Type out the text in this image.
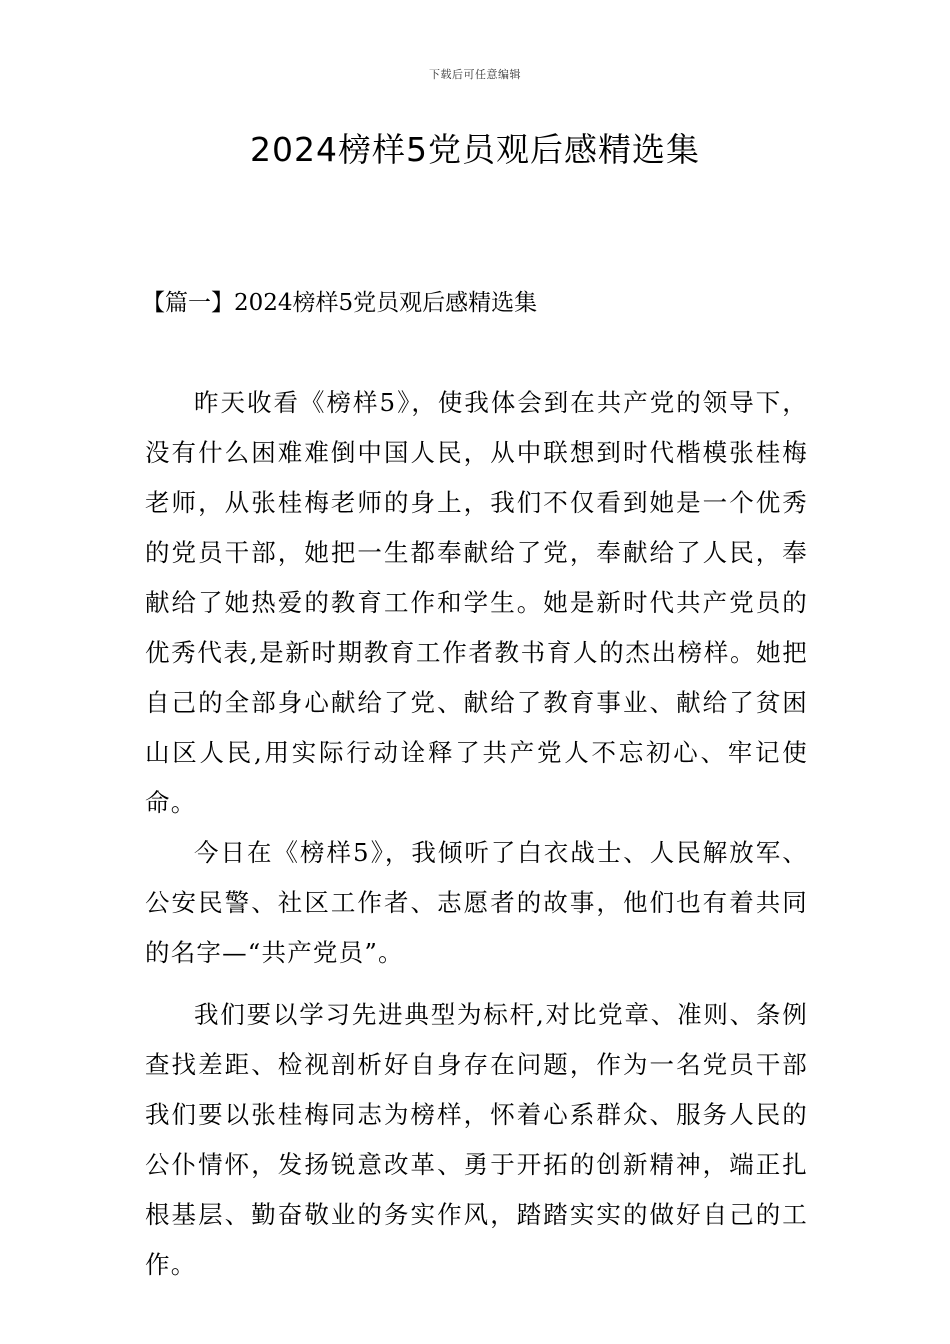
下载后可任意编辑
2024榜样5党员观后感精选集
【篇一】2024榜样5党员观后感精选集

昨天收看《榜样5》，使我体会到在共产党的领导下，没有什么困难难倒中国人民，从中联想到时代楷模张桂梅老师，从张桂梅老师的身上，我们不仅看到她是一个优秀的党员干部，她把一生都奉献给了党，奉献给了人民，奉献给了她热爱的教育工作和学生。她是新时代共产党员的优秀代表,是新时期教育工作者教书育人的杰出榜样。她把自己的全部身心献给了党、献给了教育事业、献给了贫困山区人民,用实际行动诠释了共产党人不忘初心、牢记使命。

今日在《榜样5》，我倾听了白衣战士、人民解放军、公安民警、社区工作者、志愿者的故事，他们也有着共同的名字—“共产党员”。

我们要以学习先进典型为标杆,对比党章、准则、条例查找差距、检视剖析好自身存在问题，作为一名党员干部我们要以张桂梅同志为榜样，怀着心系群众、服务人民的公仆情怀，发扬锐意改革、勇于开拓的创新精神，端正扎根基层、勤奋敬业的务实作风，踏踏实实的做好自己的工作。
